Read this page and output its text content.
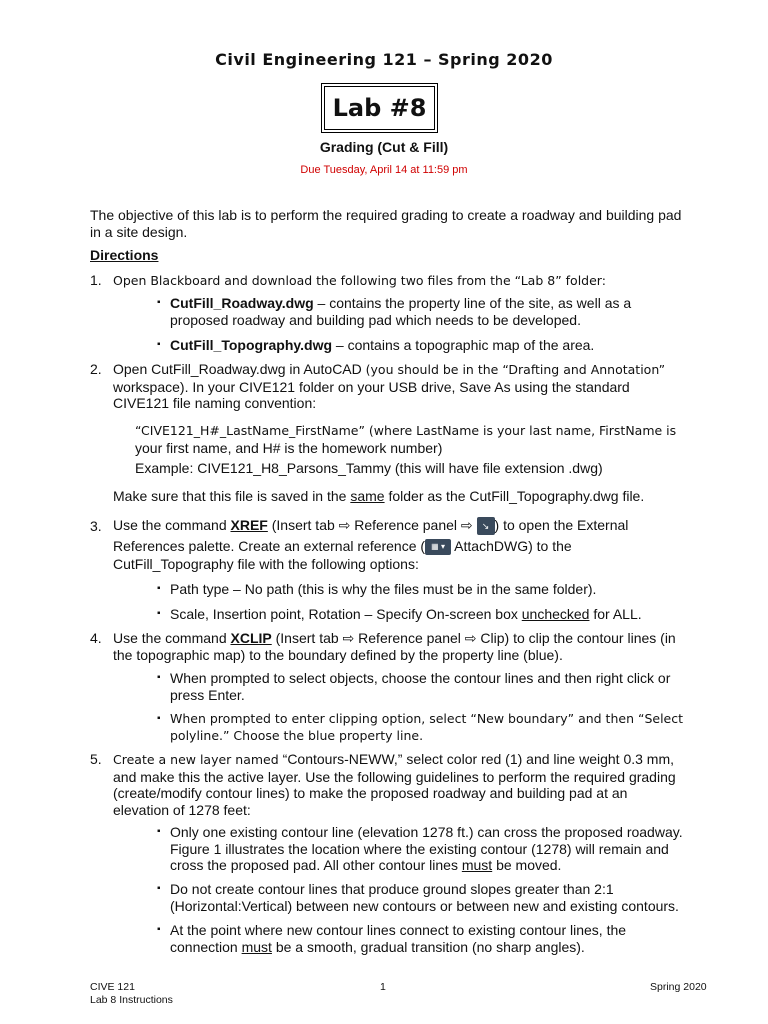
Civil Engineering 121 – Spring 2020
Lab #8
Grading (Cut & Fill)
Due Tuesday, April 14 at 11:59 pm
The objective of this lab is to perform the required grading to create a roadway and building pad
in a site design.
Directions
1. Open Blackboard and download the following two files from the “Lab 8” folder:
▪ CutFill_Roadway.dwg – contains the property line of the site, as well as a
proposed roadway and building pad which needs to be developed.
▪ CutFill_Topography.dwg – contains a topographic map of the area.
2. Open CutFill_Roadway.dwg in AutoCAD (you should be in the “Drafting and Annotation”
workspace). In your CIVE121 folder on your USB drive, Save As using the standard
CIVE121 file naming convention:
“CIVE121_H#_LastName_FirstName” (where LastName is your last name, FirstName is
your first name, and H# is the homework number)
Example: CIVE121_H8_Parsons_Tammy (this will have file extension .dwg)
Make sure that this file is saved in the same folder as the CutFill_Topography.dwg file.
3. Use the command XREF (Insert tab ⇨ Reference panel ⇨ ↘ ) to open the External
References palette. Create an external reference ( ▦ ▾ AttachDWG) to the
CutFill_Topography file with the following options:
▪ Path type – No path (this is why the files must be in the same folder).
▪ Scale, Insertion point, Rotation – Specify On-screen box unchecked for ALL.
4. Use the command XCLIP (Insert tab ⇨ Reference panel ⇨ Clip) to clip the contour lines (in
the topographic map) to the boundary defined by the property line (blue).
▪ When prompted to select objects, choose the contour lines and then right click or
press Enter.
▪ When prompted to enter clipping option, select “New boundary” and then “Select
polyline.” Choose the blue property line.
5. Create a new layer named “Contours-NEWW,” select color red (1) and line weight 0.3 mm,
and make this the active layer. Use the following guidelines to perform the required grading
(create/modify contour lines) to make the proposed roadway and building pad at an
elevation of 1278 feet:
▪ Only one existing contour line (elevation 1278 ft.) can cross the proposed roadway.
Figure 1 illustrates the location where the existing contour (1278) will remain and
cross the proposed pad. All other contour lines must be moved.
▪ Do not create contour lines that produce ground slopes greater than 2:1
(Horizontal:Vertical) between new contours or between new and existing contours.
▪ At the point where new contour lines connect to existing contour lines, the
connection must be a smooth, gradual transition (no sharp angles).
CIVE 121
Lab 8 Instructions
1	Spring 2020
